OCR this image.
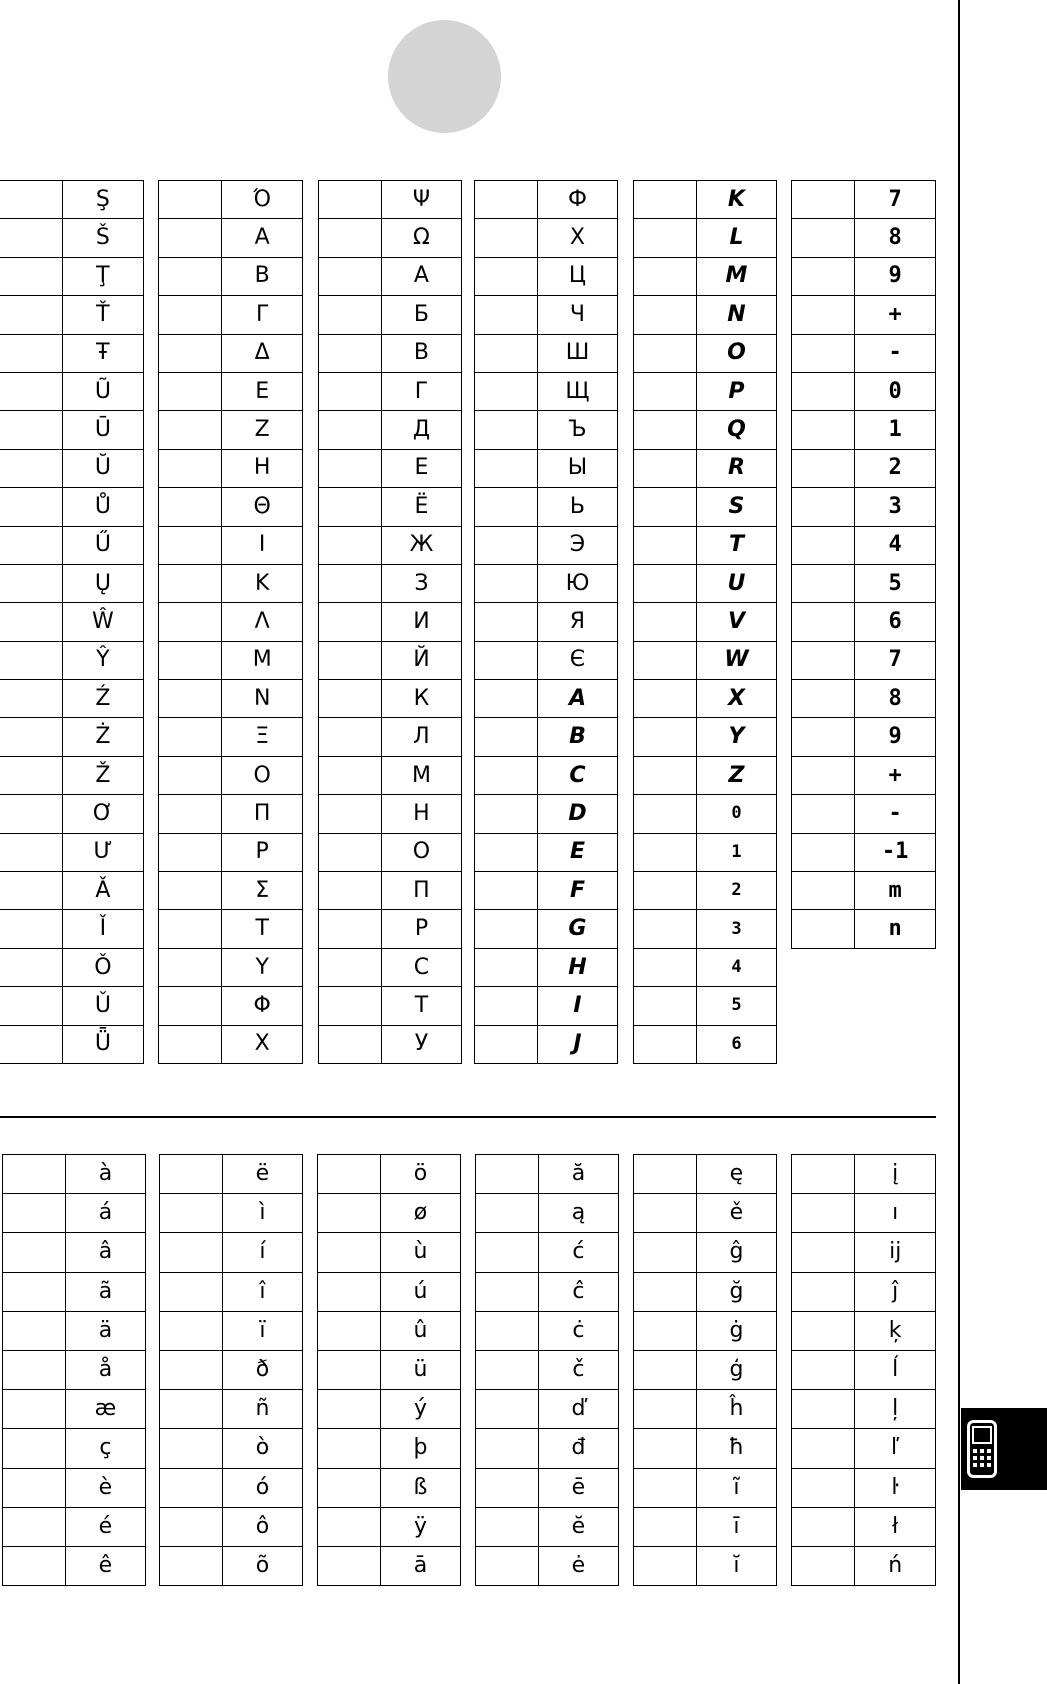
	Ş
	Š
	Ţ
	Ť
	Ŧ
	Ũ
	Ū
	Ŭ
	Ů
	Ű
	Ų
	Ŵ
	Ŷ
	Ź
	Ż
	Ž
	Ơ
	Ư
	Ǎ
	Ǐ
	Ǒ
	Ǔ
	Ǖ
	Ό
	Α
	Β
	Γ
	Δ
	Ε
	Ζ
	Η
	Θ
	Ι
	Κ
	Λ
	Μ
	Ν
	Ξ
	Ο
	Π
	Ρ
	Σ
	Τ
	Υ
	Φ
	Χ
	Ψ
	Ω
	А
	Б
	В
	Г
	Д
	Е
	Ё
	Ж
	З
	И
	Й
	К
	Л
	М
	Н
	О
	П
	Р
	С
	Т
	У
	Ф
	Х
	Ц
	Ч
	Ш
	Щ
	Ъ
	Ы
	Ь
	Э
	Ю
	Я
	Є
	A
	B
	C
	D
	E
	F
	G
	H
	I
	J
	K
	L
	M
	N
	O
	P
	Q
	R
	S
	T
	U
	V
	W
	X
	Y
	Z
	0
	1
	2
	3
	4
	5
	6
	7
	8
	9
	+
	-
	0
	1
	2
	3
	4
	5
	6
	7
	8
	9
	+
	-
	-1
	m
	n
	à
	á
	â
	ã
	ä
	å
	æ
	ç
	è
	é
	ê
	ë
	ì
	í
	î
	ï
	ð
	ñ
	ò
	ó
	ô
	õ
	ö
	ø
	ù
	ú
	û
	ü
	ý
	þ
	ß
	ÿ
	ā
	ă
	ą
	ć
	ĉ
	ċ
	č
	ď
	đ
	ē
	ĕ
	ė
	ę
	ě
	ĝ
	ğ
	ġ
	ģ
	ĥ
	ħ
	ĩ
	ī
	ĭ
	į
	ı
	ĳ
	ĵ
	ķ
	ĺ
	ļ
	ľ
	ŀ
	ł
	ń
